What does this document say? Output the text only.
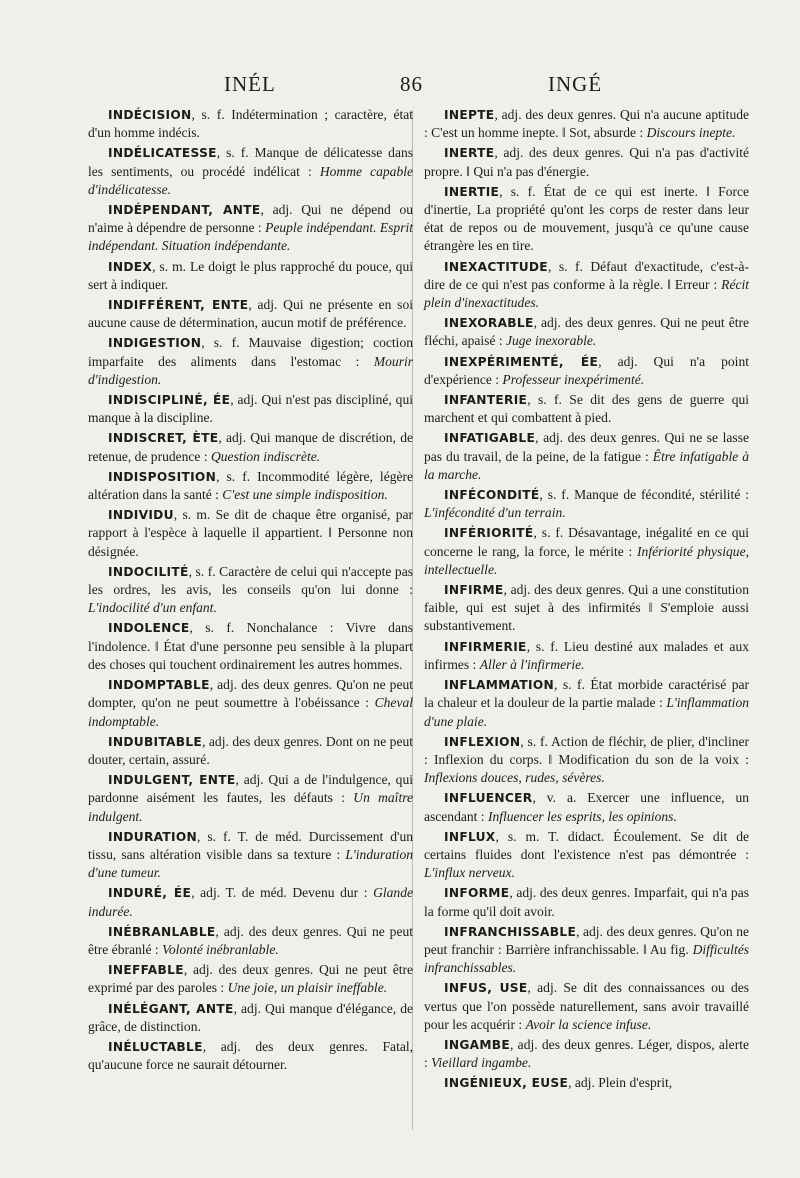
INÉL	86	INGÉ

INDÉCISION, s. f. Indétermination ; caractère, état d'un homme indécis.

INDÉLICATESSE, s. f. Manque de délicatesse dans les sentiments, ou procédé indélicat : Homme capable d'indélicatesse.

INDÉPENDANT, ANTE, adj. Qui ne dépend ou n'aime à dépendre de personne : Peuple indépendant. Esprit indépendant. Situation indépendante.

INDEX, s. m. Le doigt le plus rapproché du pouce, qui sert à indiquer.

INDIFFÉRENT, ENTE, adj. Qui ne présente en soi aucune cause de détermination, aucun motif de préférence.

INDIGESTION, s. f. Mauvaise digestion; coction imparfaite des aliments dans l'estomac : Mourir d'indigestion.

INDISCIPLINÉ, ÉE, adj. Qui n'est pas discipliné, qui manque à la discipline.

INDISCRET, ÈTE, adj. Qui manque de discrétion, de retenue, de prudence : Question indiscrète.

INDISPOSITION, s. f. Incommodité légère, légère altération dans la santé : C'est une simple indisposition.

INDIVIDU, s. m. Se dit de chaque être organisé, par rapport à l'espèce à laquelle il appartient. ‖ Personne non désignée.

INDOCILITÉ, s. f. Caractère de celui qui n'accepte pas les ordres, les avis, les conseils qu'on lui donne : L'indocilité d'un enfant.

INDOLENCE, s. f. Nonchalance : Vivre dans l'indolence. ‖ État d'une personne peu sensible à la plupart des choses qui touchent ordinairement les autres hommes.

INDOMPTABLE, adj. des deux genres. Qu'on ne peut dompter, qu'on ne peut soumettre à l'obéissance : Cheval indomptable.

INDUBITABLE, adj. des deux genres. Dont on ne peut douter, certain, assuré.

INDULGENT, ENTE, adj. Qui a de l'indulgence, qui pardonne aisément les fautes, les défauts : Un maître indulgent.

INDURATION, s. f. T. de méd. Durcissement d'un tissu, sans altération visible dans sa texture : L'induration d'une tumeur.

INDURÉ, ÉE, adj. T. de méd. Devenu dur : Glande indurée.

INÉBRANLABLE, adj. des deux genres. Qui ne peut être ébranlé : Volonté inébranlable.

INEFFABLE, adj. des deux genres. Qui ne peut être exprimé par des paroles : Une joie, un plaisir ineffable.

INÉLÉGANT, ANTE, adj. Qui manque d'élégance, de grâce, de distinction.

INÉLUCTABLE, adj. des deux genres. Fatal, qu'aucune force ne saurait détourner.

INEPTE, adj. des deux genres. Qui n'a aucune aptitude : C'est un homme inepte. ‖ Sot, absurde : Discours inepte.

INERTE, adj. des deux genres. Qui n'a pas d'activité propre. ‖ Qui n'a pas d'énergie.

INERTIE, s. f. État de ce qui est inerte. ‖ Force d'inertie, La propriété qu'ont les corps de rester dans leur état de repos ou de mouvement, jusqu'à ce qu'une cause étrangère les en tire.

INEXACTITUDE, s. f. Défaut d'exactitude, c'est-à-dire de ce qui n'est pas conforme à la règle. ‖ Erreur : Récit plein d'inexactitudes.

INEXORABLE, adj. des deux genres. Qui ne peut être fléchi, apaisé : Juge inexorable.

INEXPÉRIMENTÉ, ÉE, adj. Qui n'a point d'expérience : Professeur inexpérimenté.

INFANTERIE, s. f. Se dit des gens de guerre qui marchent et qui combattent à pied.

INFATIGABLE, adj. des deux genres. Qui ne se lasse pas du travail, de la peine, de la fatigue : Être infatigable à la marche.

INFÉCONDITÉ, s. f. Manque de fécondité, stérilité : L'infécondité d'un terrain.

INFÉRIORITÉ, s. f. Désavantage, inégalité en ce qui concerne le rang, la force, le mérite : Infériorité physique, intellectuelle.

INFIRME, adj. des deux genres. Qui a une constitution faible, qui est sujet à des infirmités ‖ S'emploie aussi substantivement.

INFIRMERIE, s. f. Lieu destiné aux malades et aux infirmes : Aller à l'infirmerie.

INFLAMMATION, s. f. État morbide caractérisé par la chaleur et la douleur de la partie malade : L'inflammation d'une plaie.

INFLEXION, s. f. Action de fléchir, de plier, d'incliner : Inflexion du corps. ‖ Modification du son de la voix : Inflexions douces, rudes, sévères.

INFLUENCER, v. a. Exercer une influence, un ascendant : Influencer les esprits, les opinions.

INFLUX, s. m. T. didact. Écoulement. Se dit de certains fluides dont l'existence n'est pas démontrée : L'influx nerveux.

INFORME, adj. des deux genres. Imparfait, qui n'a pas la forme qu'il doit avoir.

INFRANCHISSABLE, adj. des deux genres. Qu'on ne peut franchir : Barrière infranchissable. ‖ Au fig. Difficultés infranchissables.

INFUS, USE, adj. Se dit des connaissances ou des vertus que l'on possède naturellement, sans avoir travaillé pour les acquérir : Avoir la science infuse.

INGAMBE, adj. des deux genres. Léger, dispos, alerte : Vieillard ingambe.

INGÉNIEUX, EUSE, adj. Plein d'esprit,
